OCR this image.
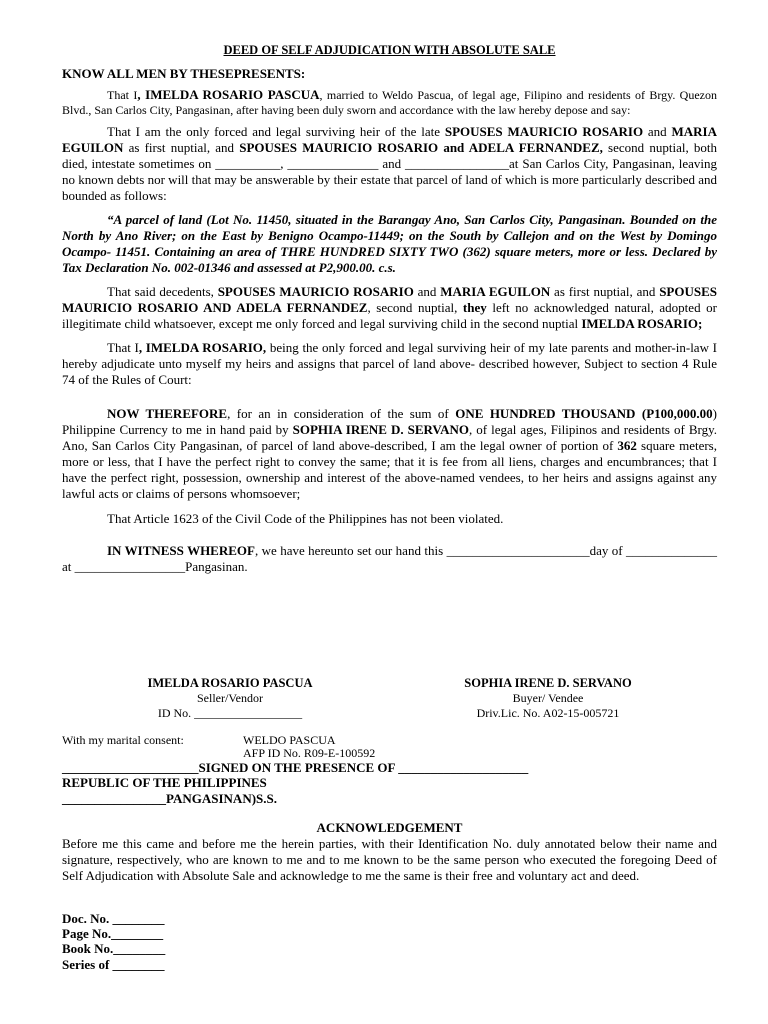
DEED OF SELF ADJUDICATION WITH ABSOLUTE SALE

KNOW ALL MEN BY THESEPRESENTS:

That I, IMELDA ROSARIO PASCUA, married to Weldo Pascua, of legal age, Filipino and residents of Brgy. Quezon Blvd., San Carlos City, Pangasinan, after having been duly sworn and accordance with the law hereby depose and say:

That I am the only forced and legal surviving heir of the late SPOUSES MAURICIO ROSARIO and MARIA EGUILON as first nuptial, and SPOUSES MAURICIO ROSARIO and ADELA FERNANDEZ, second nuptial, both died, intestate sometimes on __________, ______________ and ________________at San Carlos City, Pangasinan, leaving no known debts nor will that may be answerable by their estate that parcel of land of which is more particularly described and bounded as follows:

“A parcel of land (Lot No. 11450, situated in the Barangay Ano, San Carlos City, Pangasinan. Bounded on the North by Ano River; on the East by Benigno Ocampo-11449; on the South by Callejon and on the West by Domingo Ocampo- 11451. Containing an area of THRE HUNDRED SIXTY TWO (362) square meters, more or less. Declared by Tax Declaration No. 002-01346 and assessed at P2,900.00. c.s.

That said decedents, SPOUSES MAURICIO ROSARIO and MARIA EGUILON as first nuptial, and SPOUSES MAURICIO ROSARIO AND ADELA FERNANDEZ, second nuptial, they left no acknowledged natural, adopted or illegitimate child whatsoever, except me only forced and legal surviving child in the second nuptial IMELDA ROSARIO;

That I, IMELDA ROSARIO, being the only forced and legal surviving heir of my late parents and mother-in-law I hereby adjudicate unto myself my heirs and assigns that parcel of land above- described however, Subject to section 4 Rule 74 of the Rules of Court:

NOW THEREFORE, for an in consideration of the sum of ONE HUNDRED THOUSAND (P100,000.00) Philippine Currency to me in hand paid by SOPHIA IRENE D. SERVANO, of legal ages, Filipinos and residents of Brgy. Ano, San Carlos City Pangasinan, of parcel of land above-described, I am the legal owner of portion of 362 square meters, more or less, that I have the perfect right to convey the same; that it is fee from all liens, charges and encumbrances; that I have the perfect right, possession, ownership and interest of the above-named vendees, to her heirs and assigns against any lawful acts or claims of persons whomsoever;

That Article 1623 of the Civil Code of the Philippines has not been violated.

IN WITNESS WHEREOF, we have hereunto set our hand this ______________________day of ______________ at _________________Pangasinan.

IMELDA ROSARIO PASCUA
Seller/Vendor
ID No. __________________
SOPHIA IRENE D. SERVANO
Buyer/ Vendee
Driv.Lic. No. A02-15-005721
With my marital consent:	WELDO PASCUA
AFP ID No. R09-E-100592
_____________________SIGNED ON THE PRESENCE OF ____________________
REPUBLIC OF THE PHILIPPINES
________________PANGASINAN)S.S.
ACKNOWLEDGEMENT

Before me this came and before me the herein parties, with their Identification No. duly annotated below their name and signature, respectively, who are known to me and to me known to be the same person who executed the foregoing Deed of Self Adjudication with Absolute Sale and acknowledge to me the same is their free and voluntary act and deed.

Doc. No. ________
Page No.________
Book No.________
Series of ________
